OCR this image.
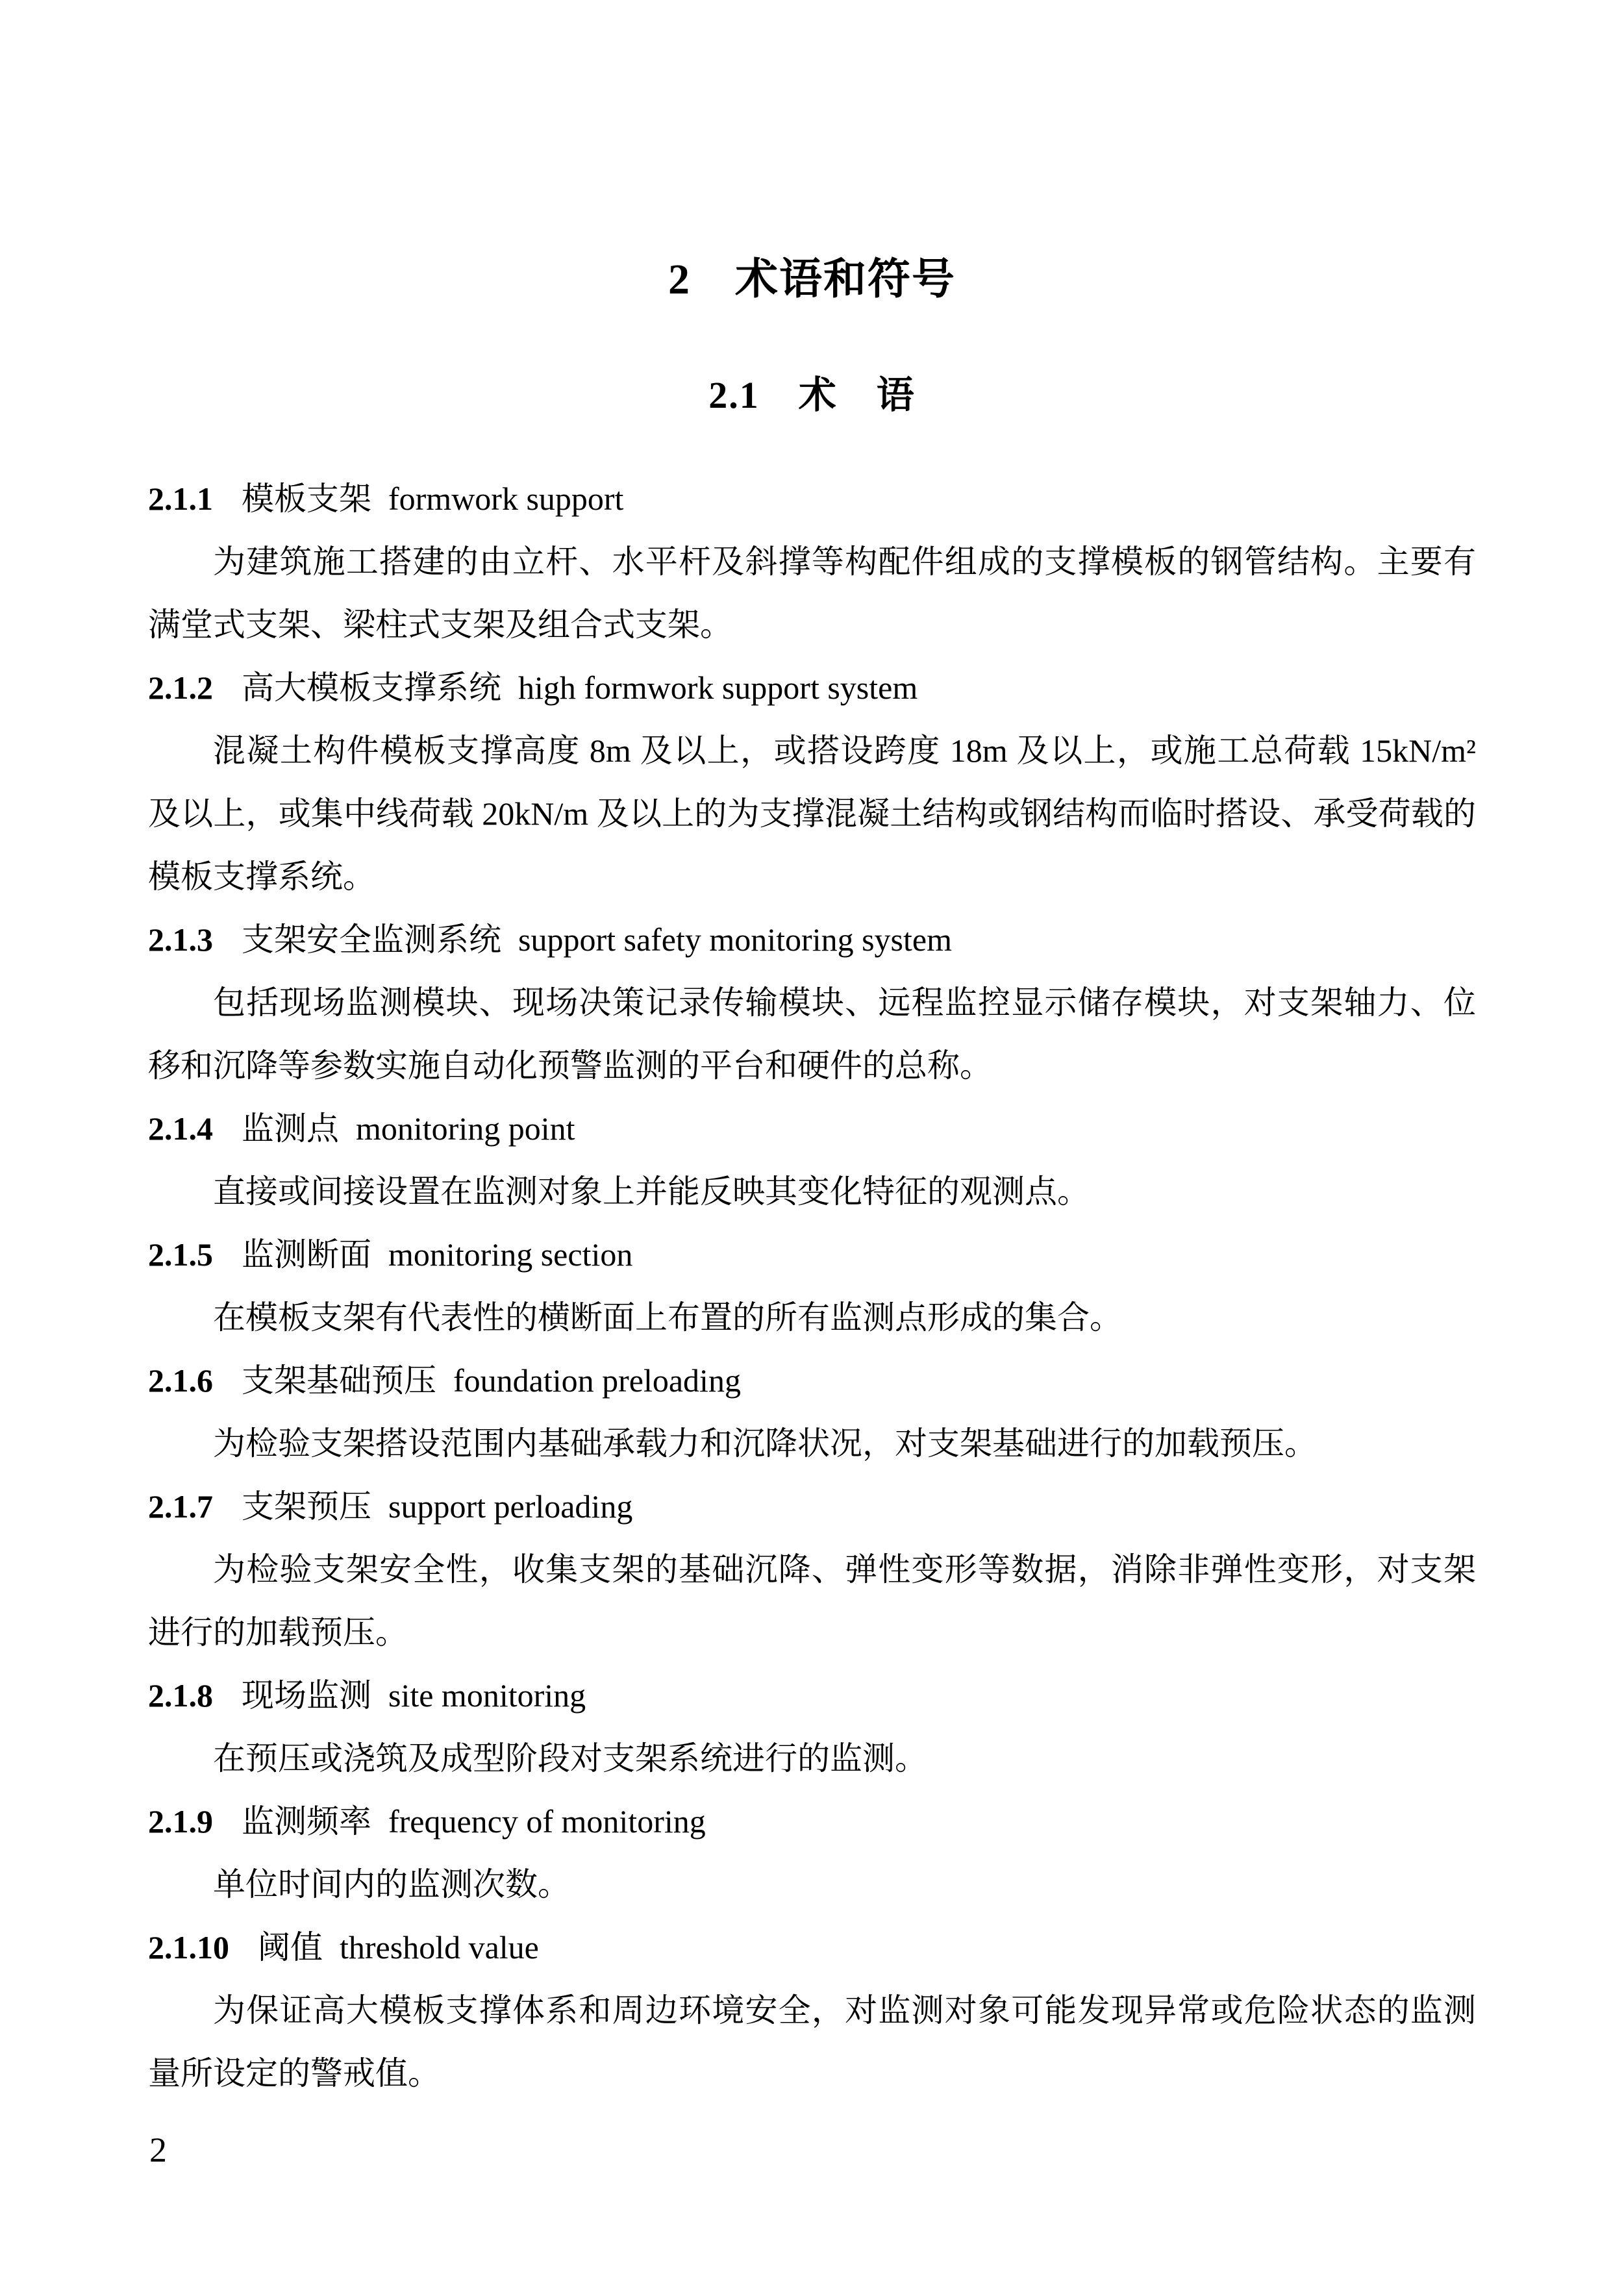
2　术语和符号
2.1　术　语
2.1.1 模板支架 formwork support

为建筑施工搭建的由立杆、水平杆及斜撑等构配件组成的支撑模板的钢管结构。主要有满堂式支架、梁柱式支架及组合式支架。

2.1.2 高大模板支撑系统 high formwork support system

混凝土构件模板支撑高度 8m 及以上，或搭设跨度 18m 及以上，或施工总荷载 15kN/m² 及以上，或集中线荷载 20kN/m 及以上的为支撑混凝土结构或钢结构而临时搭设、承受荷载的模板支撑系统。

2.1.3 支架安全监测系统 support safety monitoring system

包括现场监测模块、现场决策记录传输模块、远程监控显示储存模块，对支架轴力、位移和沉降等参数实施自动化预警监测的平台和硬件的总称。

2.1.4 监测点 monitoring point

直接或间接设置在监测对象上并能反映其变化特征的观测点。

2.1.5 监测断面 monitoring section

在模板支架有代表性的横断面上布置的所有监测点形成的集合。

2.1.6 支架基础预压 foundation preloading

为检验支架搭设范围内基础承载力和沉降状况，对支架基础进行的加载预压。

2.1.7 支架预压 support perloading

为检验支架安全性，收集支架的基础沉降、弹性变形等数据，消除非弹性变形，对支架进行的加载预压。

2.1.8 现场监测 site monitoring

在预压或浇筑及成型阶段对支架系统进行的监测。

2.1.9 监测频率 frequency of monitoring

单位时间内的监测次数。

2.1.10 阈值 threshold value

为保证高大模板支撑体系和周边环境安全，对监测对象可能发现异常或危险状态的监测量所设定的警戒值。

2
